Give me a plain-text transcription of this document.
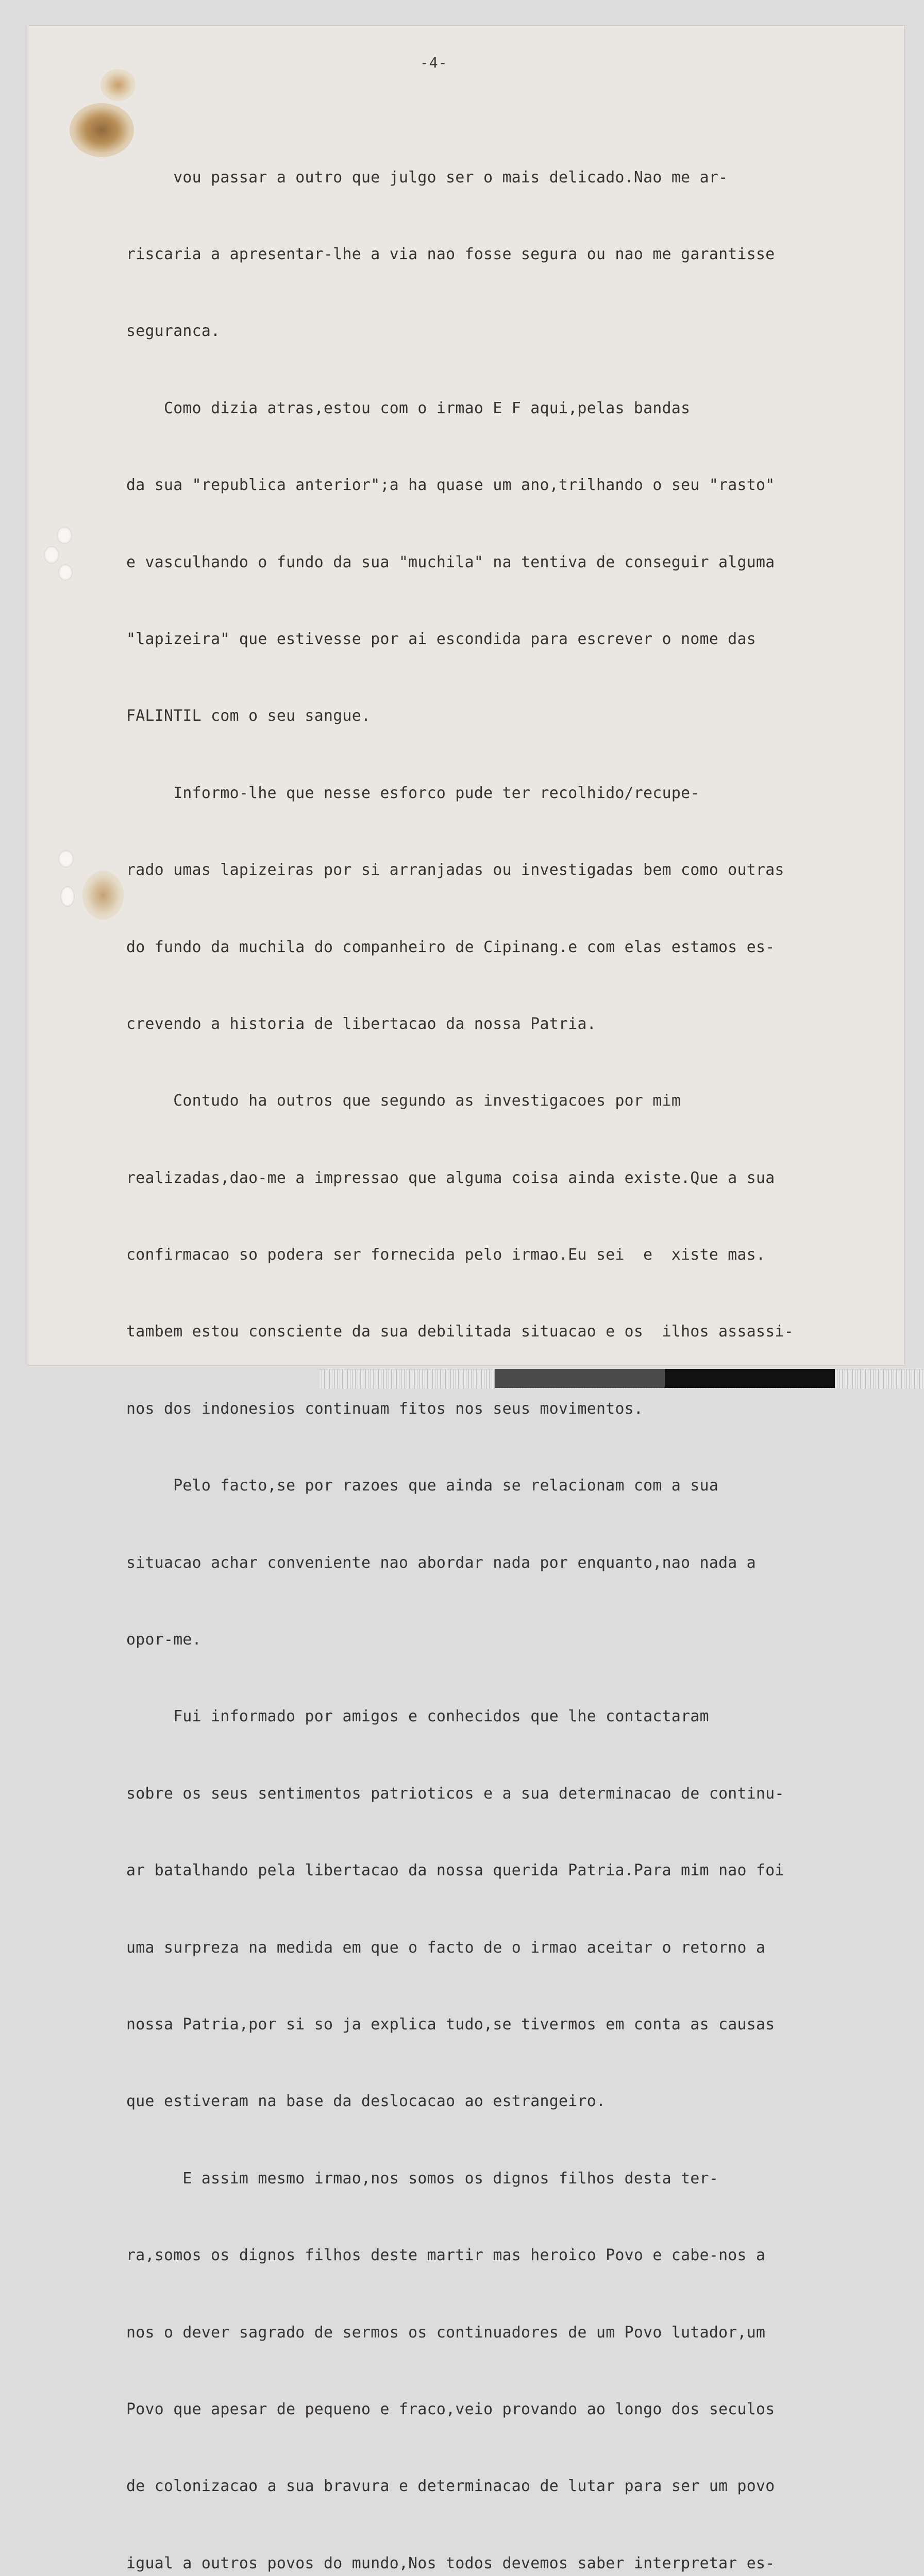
-4-

vou passar a outro que julgo ser o mais delicado.Nao me ar-

riscaria a apresentar-lhe a via nao fosse segura ou nao me garantisse

seguranca.

Como dizia atras,estou com o irmao E F aqui,pelas bandas

da sua "republica anterior";a ha quase um ano,trilhando o seu "rasto"

e vasculhando o fundo da sua "muchila" na tentiva de conseguir alguma

"lapizeira" que estivesse por ai escondida para escrever o nome das

FALINTIL com o seu sangue.

Informo-lhe que nesse esforco pude ter recolhido/recupe-

rado umas lapizeiras por si arranjadas ou investigadas bem como outras

do fundo da muchila do companheiro de Cipinang.e com elas estamos es-

crevendo a historia de libertacao da nossa Patria.

Contudo ha outros que segundo as investigacoes por mim

realizadas,dao-me a impressao que alguma coisa ainda existe.Que a sua

confirmacao so podera ser fornecida pelo irmao.Eu sei  e  xiste mas.

tambem estou consciente da sua debilitada situacao e os  ilhos assassi-

nos dos indonesios continuam fitos nos seus movimentos.

Pelo facto,se por razoes que ainda se relacionam com a sua

situacao achar conveniente nao abordar nada por enquanto,nao nada a

opor-me.

Fui informado por amigos e conhecidos que lhe contactaram

sobre os seus sentimentos patrioticos e a sua determinacao de continu-

ar batalhando pela libertacao da nossa querida Patria.Para mim nao foi

uma surpreza na medida em que o facto de o irmao aceitar o retorno a

nossa Patria,por si so ja explica tudo,se tivermos em conta as causas

que estiveram na base da deslocacao ao estrangeiro.

E assim mesmo irmao,nos somos os dignos filhos desta ter-

ra,somos os dignos filhos deste martir mas heroico Povo e cabe-nos a

nos o dever sagrado de sermos os continuadores de um Povo lutador,um

Povo que apesar de pequeno e fraco,veio provando ao longo dos seculos

de colonizacao a sua bravura e determinacao de lutar para ser um povo

igual a outros povos do mundo,Nos todos devemos saber interpretar es-
